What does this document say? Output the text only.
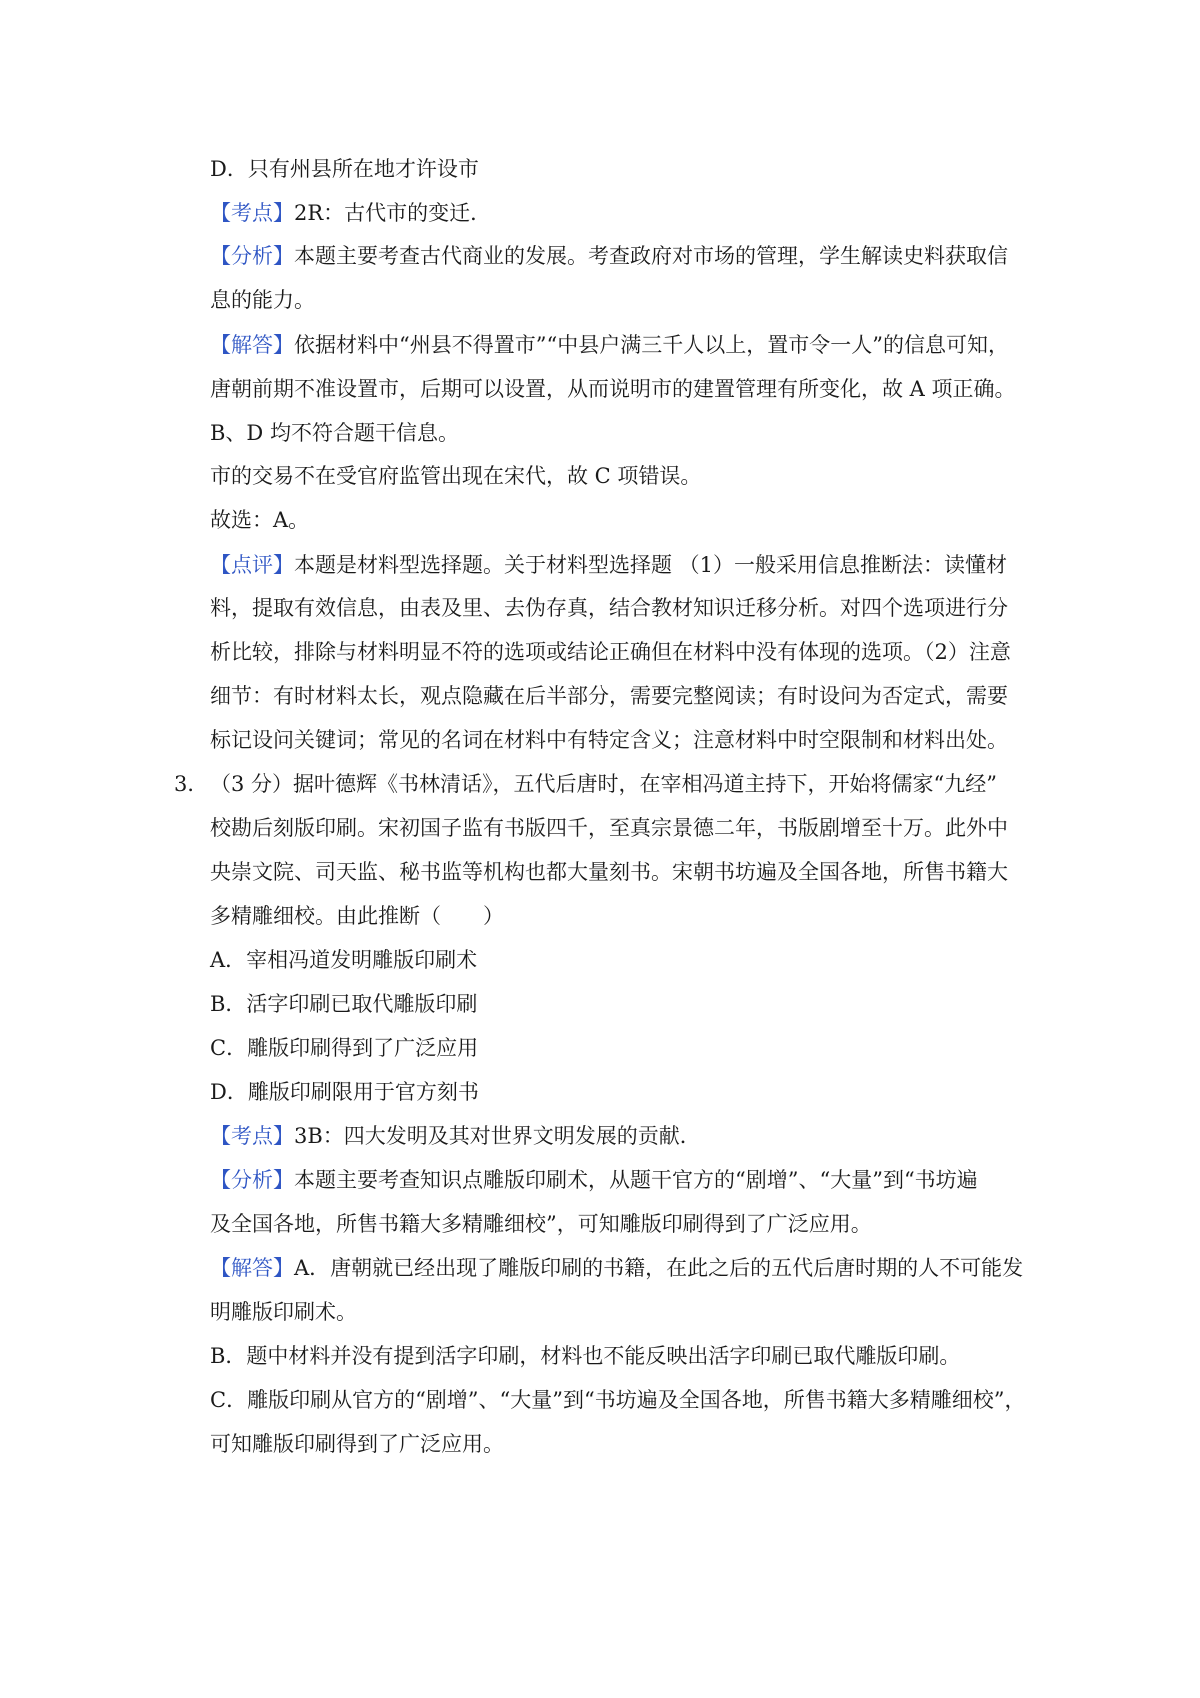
D．只有州县所在地才许设市
【考点】2R：古代市的变迁．
【分析】本题主要考查古代商业的发展。考查政府对市场的管理，学生解读史料获取信
息的能力。
【解答】依据材料中“州县不得置市”“中县户满三千人以上，置市令一人”的信息可知，
唐朝前期不准设置市，后期可以设置，从而说明市的建置管理有所变化，故 A 项正确。
B、D 均不符合题干信息。
市的交易不在受官府监管出现在宋代，故 C 项错误。
故选：A。
【点评】本题是材料型选择题。关于材料型选择题 （1）一般采用信息推断法：读懂材
料，提取有效信息，由表及里、去伪存真，结合教材知识迁移分析。对四个选项进行分
析比较，排除与材料明显不符的选项或结论正确但在材料中没有体现的选项。（2）注意
细节：有时材料太长，观点隐藏在后半部分，需要完整阅读；有时设问为否定式，需要
标记设问关键词；常见的名词在材料中有特定含义；注意材料中时空限制和材料出处。
3． （3 分）据叶德辉《书林清话》，五代后唐时，在宰相冯道主持下，开始将儒家“九经”
校勘后刻版印刷。宋初国子监有书版四千，至真宗景德二年，书版剧增至十万。此外中
央崇文院、司天监、秘书监等机构也都大量刻书。宋朝书坊遍及全国各地，所售书籍大
多精雕细校。由此推断（　　）
A．宰相冯道发明雕版印刷术
B．活字印刷已取代雕版印刷
C．雕版印刷得到了广泛应用
D．雕版印刷限用于官方刻书
【考点】3B：四大发明及其对世界文明发展的贡献．
【分析】本题主要考查知识点雕版印刷术，从题干官方的“剧增”、“大量”到“书坊遍
及全国各地，所售书籍大多精雕细校”，可知雕版印刷得到了广泛应用。
【解答】A．唐朝就已经出现了雕版印刷的书籍，在此之后的五代后唐时期的人不可能发
明雕版印刷术。
B．题中材料并没有提到活字印刷，材料也不能反映出活字印刷已取代雕版印刷。
C．雕版印刷从官方的“剧增”、“大量”到“书坊遍及全国各地，所售书籍大多精雕细校”，
可知雕版印刷得到了广泛应用。
